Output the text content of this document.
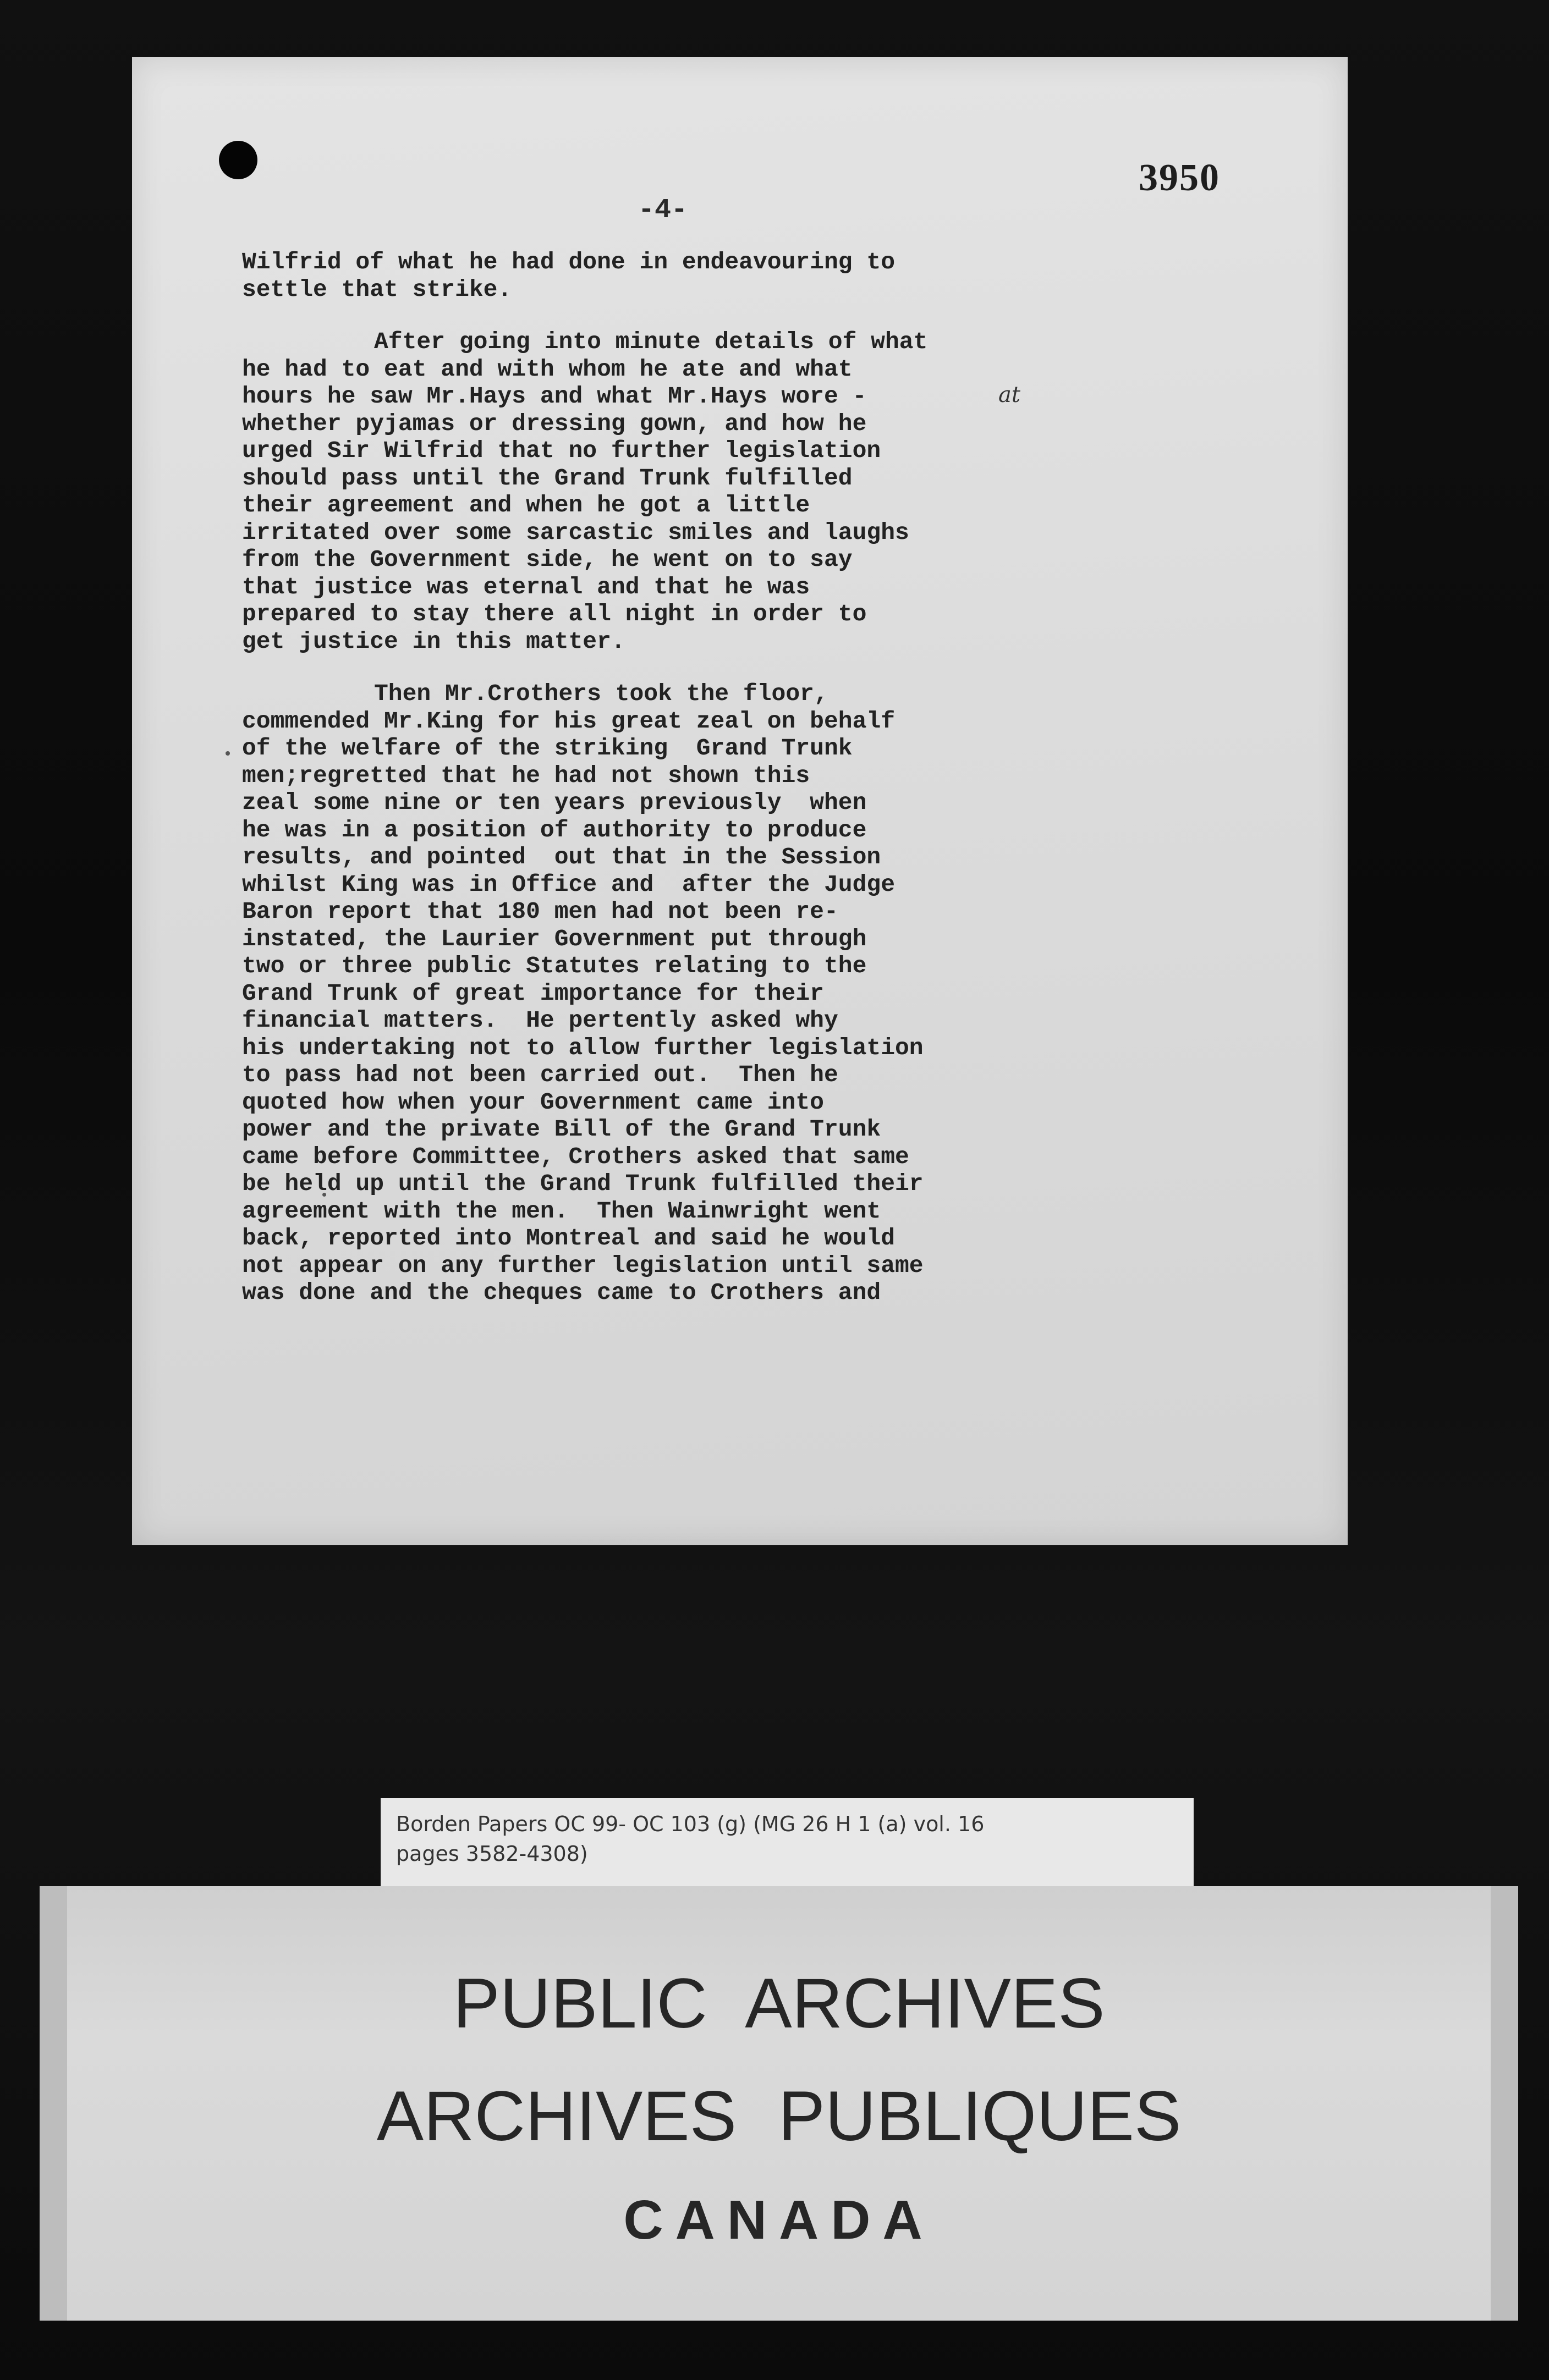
3950
-4-
Wilfrid of what he had done in endeavouring to
settle that strike.
After going into minute details of what
he had to eat and with whom he ate and what
hours he saw Mr.Hays and what Mr.Hays wore -
whether pyjamas or dressing gown, and how he
urged Sir Wilfrid that no further legislation
should pass until the Grand Trunk fulfilled
their agreement and when he got a little
irritated over some sarcastic smiles and laughs
from the Government side, he went on to say
that justice was eternal and that he was
prepared to stay there all night in order to
get justice in this matter.
Then Mr.Crothers took the floor,
commended Mr.King for his great zeal on behalf
of the welfare of the striking  Grand Trunk
men;regretted that he had not shown this
zeal some nine or ten years previously  when
he was in a position of authority to produce
results, and pointed  out that in the Session
whilst King was in Office and  after the Judge
Baron report that 180 men had not been re-
instated, the Laurier Government put through
two or three public Statutes relating to the
Grand Trunk of great importance for their
financial matters.  He pertently asked why
his undertaking not to allow further legislation
to pass had not been carried out.  Then he
quoted how when your Government came into
power and the private Bill of the Grand Trunk
came before Committee, Crothers asked that same
be held up until the Grand Trunk fulfilled their
agreement with the men.  Then Wainwright went
back, reported into Montreal and said he would
not appear on any further legislation until same
was done and the cheques came to Crothers and
at
Borden Papers OC 99- OC 103 (g) (MG 26 H 1 (a) vol. 16
pages 3582-4308)
PUBLIC ARCHIVES
ARCHIVES PUBLIQUES
CANADA
